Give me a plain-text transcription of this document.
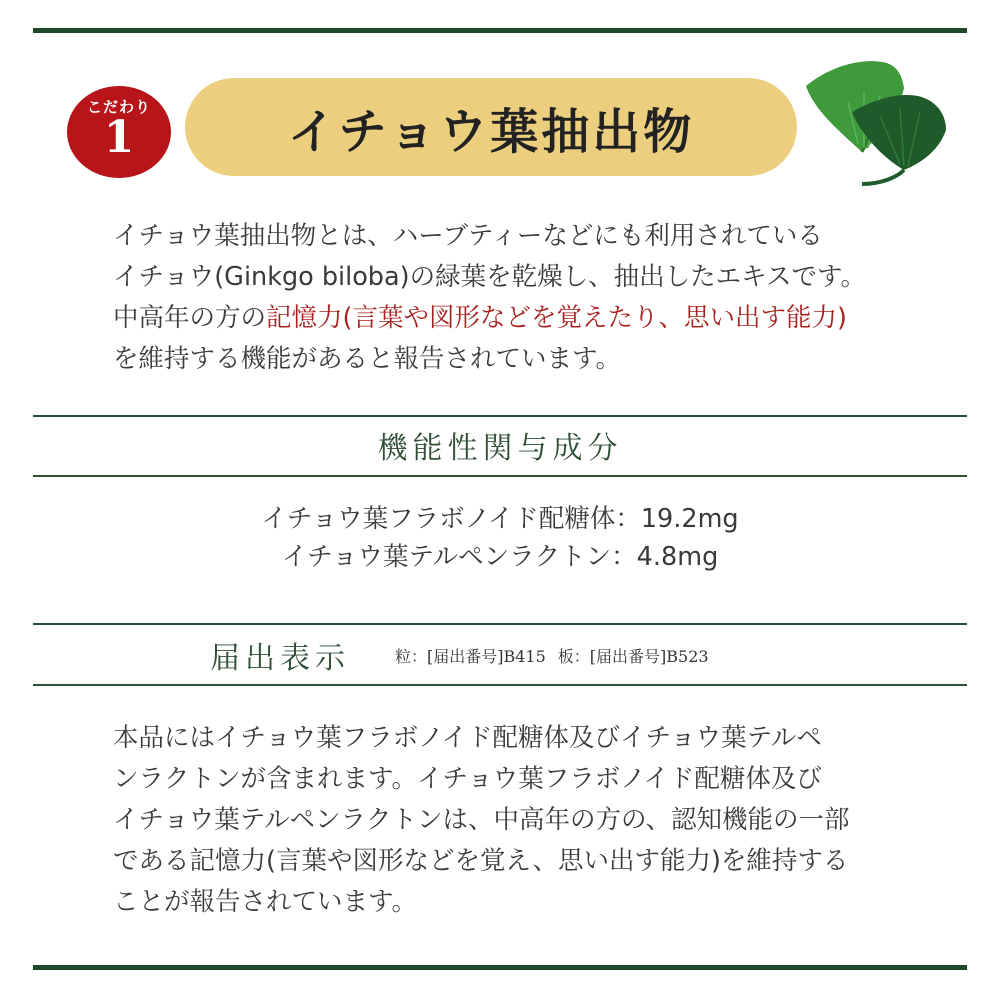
こだわり
1	イチョウ葉抽出物
イチョウ葉抽出物とは、ハーブティーなどにも利用されている
イチョウ(Ginkgo biloba)の緑葉を乾燥し、抽出したエキスです。
中高年の方の記憶力(言葉や図形などを覚えたり、思い出す能力)
を維持する機能があると報告されています。
機能性関与成分
イチョウ葉フラボノイド配糖体：19.2mg
イチョウ葉テルペンラクトン：4.8mg
届出表示	粒：[届出番号]B415 板：[届出番号]B523
本品にはイチョウ葉フラボノイド配糖体及びイチョウ葉テルペ
ンラクトンが含まれます。イチョウ葉フラボノイド配糖体及び
イチョウ葉テルペンラクトンは、中高年の方の、認知機能の一部
である記憶力(言葉や図形などを覚え、思い出す能力)を維持する
ことが報告されています。
